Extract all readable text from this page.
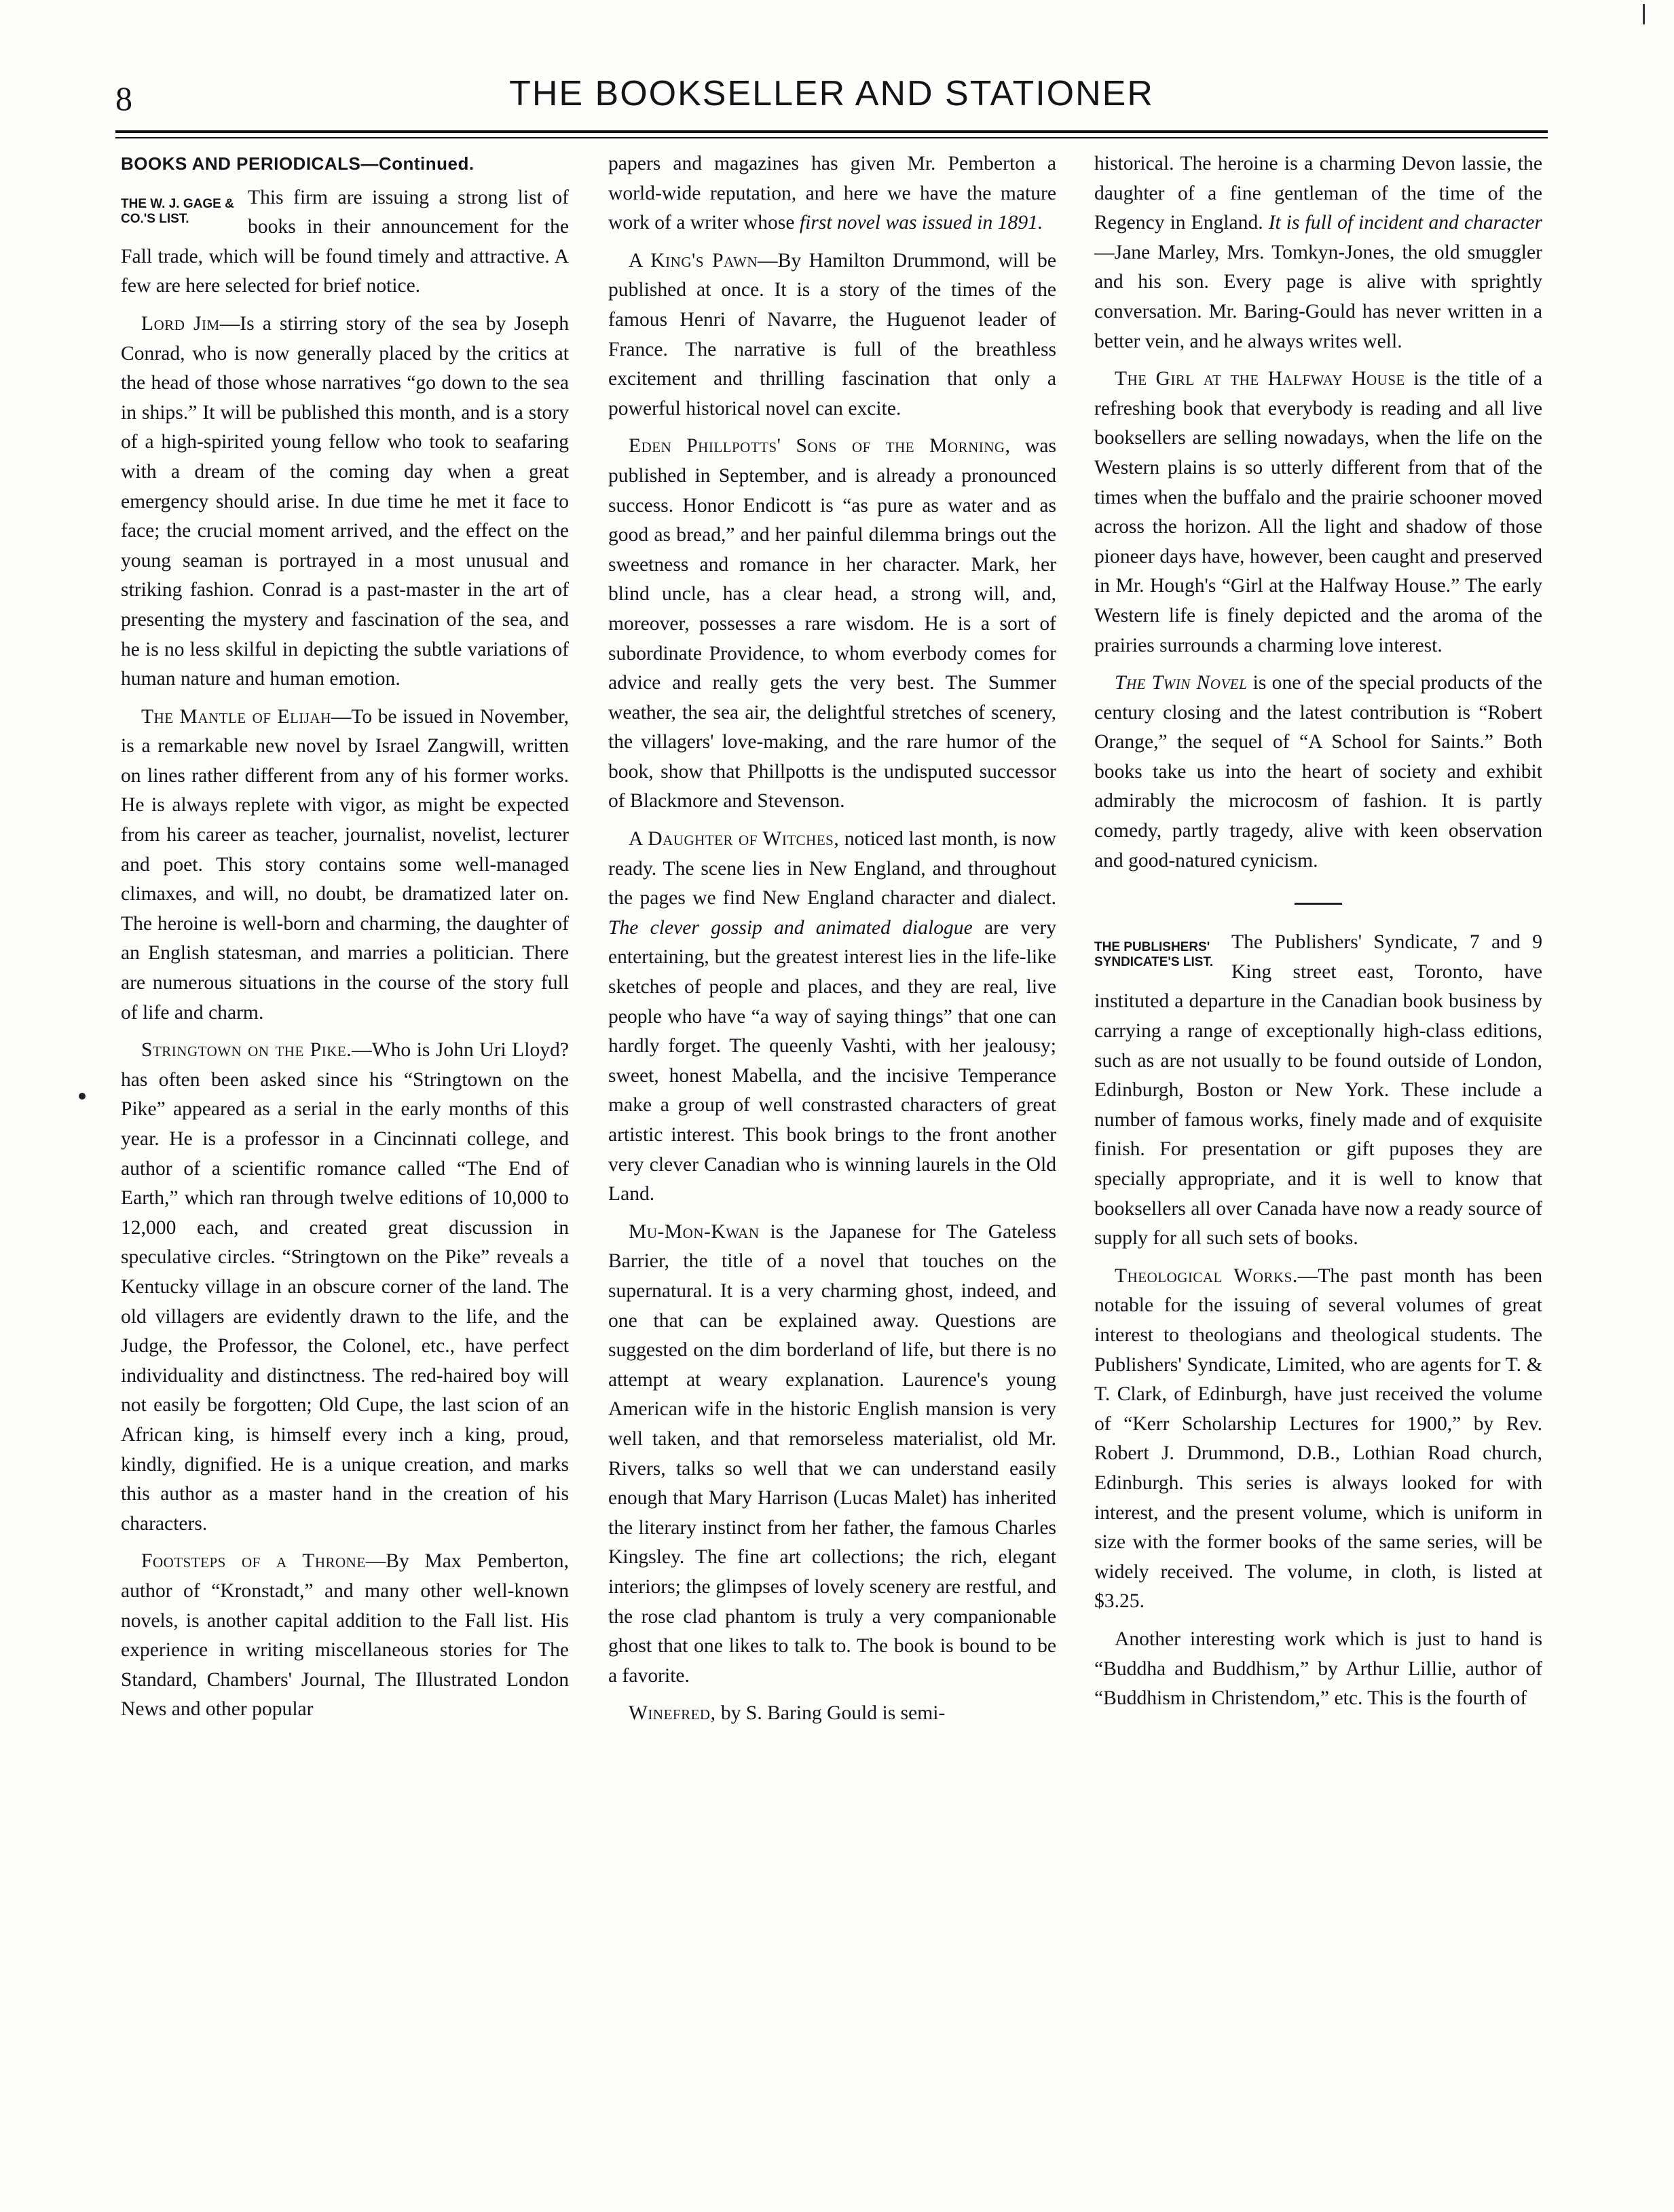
8	THE BOOKSELLER AND STATIONER
BOOKS AND PERIODICALS—Continued.
THE W. J. GAGE & CO.'S LIST.

This firm are issuing a strong list of books in their announcement for the Fall trade, which will be found timely and attractive. A few are here selected for brief notice.

Lord Jim—Is a stirring story of the sea by Joseph Conrad, who is now generally placed by the critics at the head of those whose narratives “go down to the sea in ships.” It will be published this month, and is a story of a high-spirited young fellow who took to seafaring with a dream of the coming day when a great emergency should arise. In due time he met it face to face; the crucial moment arrived, and the effect on the young seaman is portrayed in a most unusual and striking fashion. Conrad is a past-master in the art of presenting the mystery and fascination of the sea, and he is no less skilful in depicting the subtle variations of human nature and human emotion.

The Mantle of Elijah—To be issued in November, is a remarkable new novel by Israel Zangwill, written on lines rather different from any of his former works. He is always replete with vigor, as might be expected from his career as teacher, journalist, novelist, lecturer and poet. This story contains some well-managed climaxes, and will, no doubt, be dramatized later on. The heroine is well-born and charming, the daughter of an English statesman, and marries a politician. There are numerous situations in the course of the story full of life and charm.

Stringtown on the Pike.—Who is John Uri Lloyd? has often been asked since his “Stringtown on the Pike” appeared as a serial in the early months of this year. He is a professor in a Cincinnati college, and author of a scientific romance called “The End of Earth,” which ran through twelve editions of 10,000 to 12,000 each, and created great discussion in speculative circles. “Stringtown on the Pike” reveals a Kentucky village in an obscure corner of the land. The old villagers are evidently drawn to the life, and the Judge, the Professor, the Colonel, etc., have perfect individuality and distinctness. The red-haired boy will not easily be forgotten; Old Cupe, the last scion of an African king, is himself every inch a king, proud, kindly, dignified. He is a unique creation, and marks this author as a master hand in the creation of his characters.

Footsteps of a Throne—By Max Pemberton, author of “Kronstadt,” and many other well-known novels, is another capital addition to the Fall list. His experience in writing miscellaneous stories for The Standard, Chambers' Journal, The Illustrated London News and other popular

papers and magazines has given Mr. Pemberton a world-wide reputation, and here we have the mature work of a writer whose first novel was issued in 1891.

A King's Pawn—By Hamilton Drummond, will be published at once. It is a story of the times of the famous Henri of Navarre, the Huguenot leader of France. The narrative is full of the breathless excitement and thrilling fascination that only a powerful historical novel can excite.

Eden Phillpotts' Sons of the Morning, was published in September, and is already a pronounced success. Honor Endicott is “as pure as water and as good as bread,” and her painful dilemma brings out the sweetness and romance in her character. Mark, her blind uncle, has a clear head, a strong will, and, moreover, possesses a rare wisdom. He is a sort of subordinate Providence, to whom everbody comes for advice and really gets the very best. The Summer weather, the sea air, the delightful stretches of scenery, the villagers' love-making, and the rare humor of the book, show that Phillpotts is the undisputed successor of Blackmore and Stevenson.

A Daughter of Witches, noticed last month, is now ready. The scene lies in New England, and throughout the pages we find New England character and dialect. The clever gossip and animated dialogue are very entertaining, but the greatest interest lies in the life-like sketches of people and places, and they are real, live people who have “a way of saying things” that one can hardly forget. The queenly Vashti, with her jealousy; sweet, honest Mabella, and the incisive Temperance make a group of well constrasted characters of great artistic interest. This book brings to the front another very clever Canadian who is winning laurels in the Old Land.

Mu-Mon-Kwan is the Japanese for The Gateless Barrier, the title of a novel that touches on the supernatural. It is a very charming ghost, indeed, and one that can be explained away. Questions are suggested on the dim borderland of life, but there is no attempt at weary explanation. Laurence's young American wife in the historic English mansion is very well taken, and that remorseless materialist, old Mr. Rivers, talks so well that we can understand easily enough that Mary Harrison (Lucas Malet) has inherited the literary instinct from her father, the famous Charles Kingsley. The fine art collections; the rich, elegant interiors; the glimpses of lovely scenery are restful, and the rose clad phantom is truly a very companionable ghost that one likes to talk to. The book is bound to be a favorite.

Winefred, by S. Baring Gould is semi-

historical. The heroine is a charming Devon lassie, the daughter of a fine gentleman of the time of the Regency in England. It is full of incident and character—Jane Marley, Mrs. Tomkyn-Jones, the old smuggler and his son. Every page is alive with sprightly conversation. Mr. Baring-Gould has never written in a better vein, and he always writes well.

The Girl at the Halfway House is the title of a refreshing book that everybody is reading and all live booksellers are selling nowadays, when the life on the Western plains is so utterly different from that of the times when the buffalo and the prairie schooner moved across the horizon. All the light and shadow of those pioneer days have, however, been caught and preserved in Mr. Hough's “Girl at the Halfway House.” The early Western life is finely depicted and the aroma of the prairies surrounds a charming love interest.

The Twin Novel is one of the special products of the century closing and the latest contribution is “Robert Orange,” the sequel of “A School for Saints.” Both books take us into the heart of society and exhibit admirably the microcosm of fashion. It is partly comedy, partly tragedy, alive with keen observation and good-natured cynicism.

THE PUBLISHERS' SYNDICATE'S LIST.

The Publishers' Syndicate, 7 and 9 King street east, Toronto, have instituted a departure in the Canadian book business by carrying a range of exceptionally high-class editions, such as are not usually to be found outside of London, Edinburgh, Boston or New York. These include a number of famous works, finely made and of exquisite finish. For presentation or gift puposes they are specially appropriate, and it is well to know that booksellers all over Canada have now a ready source of supply for all such sets of books.

Theological Works.—The past month has been notable for the issuing of several volumes of great interest to theologians and theological students. The Publishers' Syndicate, Limited, who are agents for T. & T. Clark, of Edinburgh, have just received the volume of “Kerr Scholarship Lectures for 1900,” by Rev. Robert J. Drummond, D.B., Lothian Road church, Edinburgh. This series is always looked for with interest, and the present volume, which is uniform in size with the former books of the same series, will be widely received. The volume, in cloth, is listed at $3.25.

Another interesting work which is just to hand is “Buddha and Buddhism,” by Arthur Lillie, author of “Buddhism in Christendom,” etc. This is the fourth of
